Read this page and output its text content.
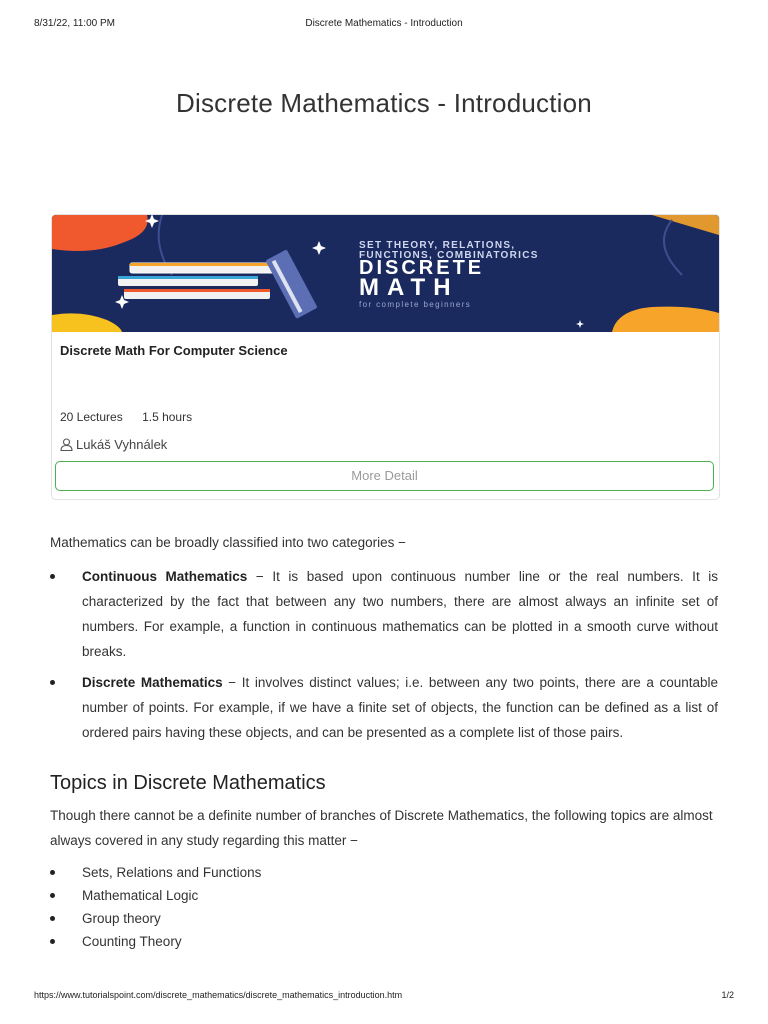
8/31/22, 11:00 PM	Discrete Mathematics - Introduction
Discrete Mathematics - Introduction
SET THEORY, RELATIONS,
FUNCTIONS, COMBINATORICS
DISCRETE
MATH
for complete beginners
Discrete Math For Computer Science
20 Lectures 1.5 hours
Lukáš Vyhnálek
More Detail

Mathematics can be broadly classified into two categories −

Continuous Mathematics − It is based upon continuous number line or the real numbers. It is characterized by the fact that between any two numbers, there are almost always an infinite set of numbers. For example, a function in continuous mathematics can be plotted in a smooth curve without breaks.
Discrete Mathematics − It involves distinct values; i.e. between any two points, there are a countable number of points. For example, if we have a finite set of objects, the function can be defined as a list of ordered pairs having these objects, and can be presented as a complete list of those pairs.
Topics in Discrete Mathematics

Though there cannot be a definite number of branches of Discrete Mathematics, the following topics are almost always covered in any study regarding this matter −

Sets, Relations and Functions
Mathematical Logic
Group theory
Counting Theory
https://www.tutorialspoint.com/discrete_mathematics/discrete_mathematics_introduction.htm	1/2
